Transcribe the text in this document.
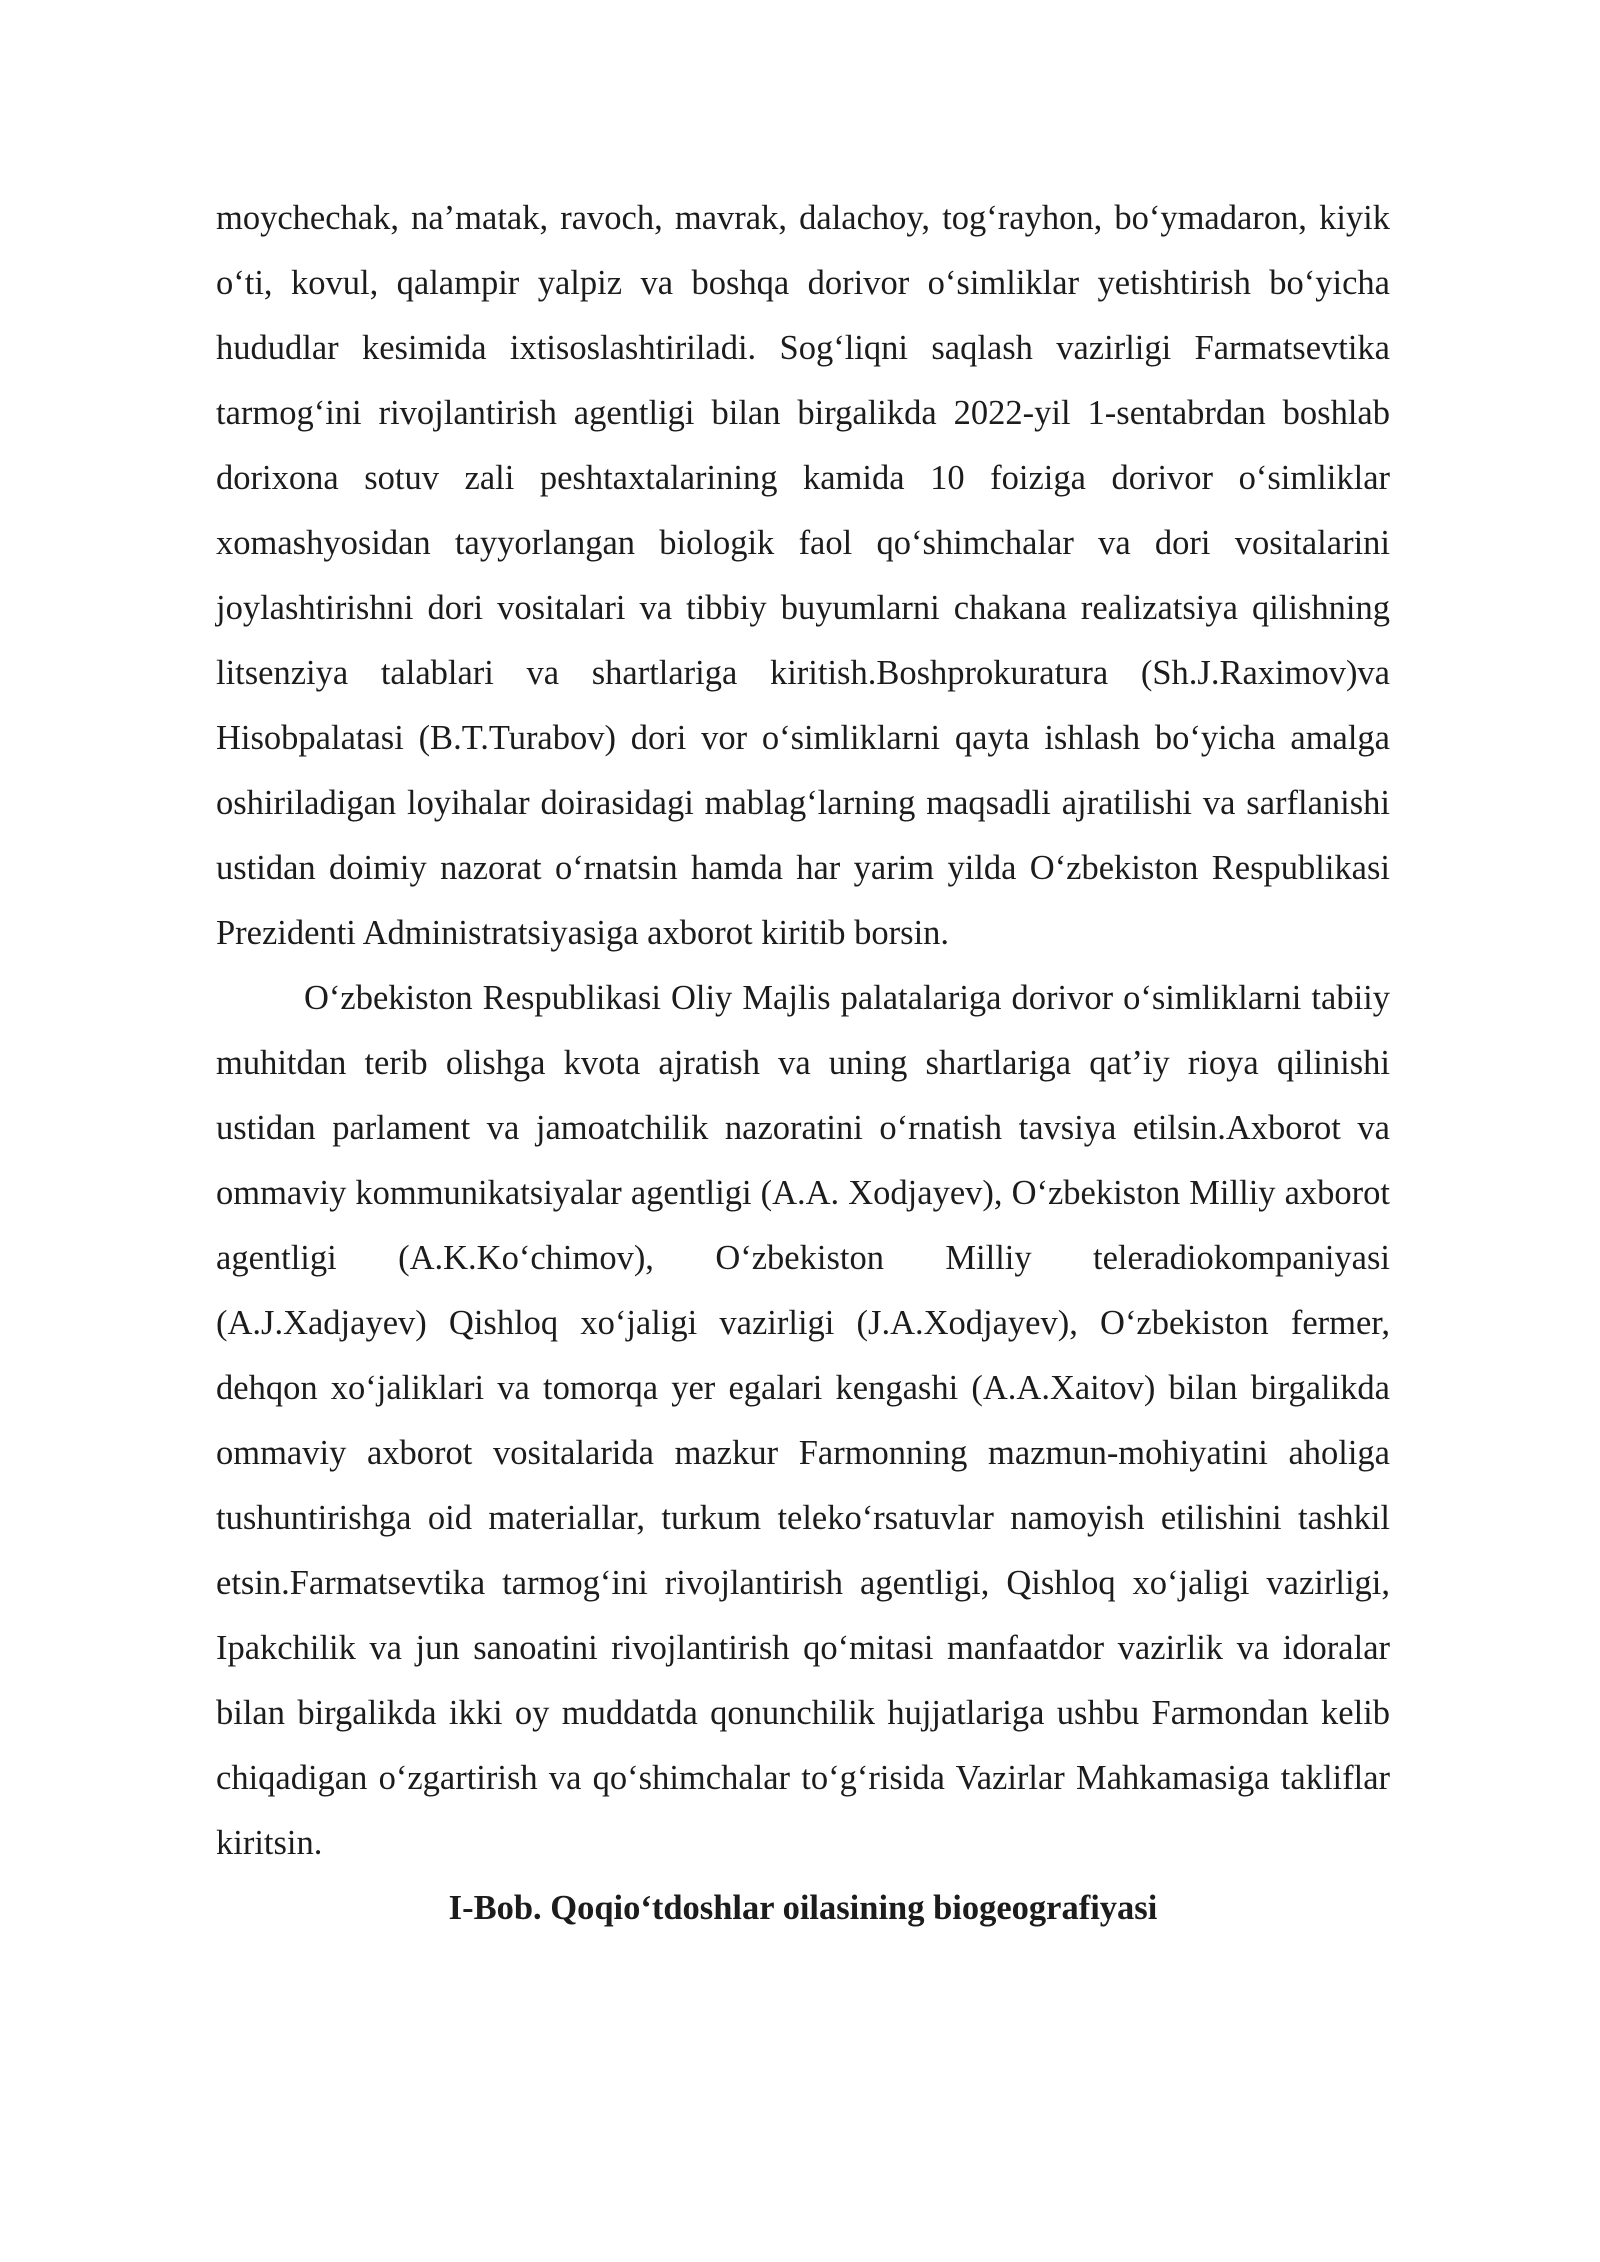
moychechak, na’matak, ravoch, mavrak, dalachoy, tog‘rayhon, bo‘ymadaron, kiyik o‘ti, kovul, qalampir yalpiz va boshqa dorivor o‘simliklar yetishtirish bo‘yicha hududlar kesimida ixtisoslashtiriladi. Sog‘liqni saqlash vazirligi Farmatsevtika tarmog‘ini rivojlantirish agentligi bilan birgalikda 2022-yil 1-sentabrdan boshlab dorixona sotuv zali peshtaxtalarining kamida 10 foiziga dorivor o‘simliklar xomashyosidan tayyorlangan biologik faol qo‘shimchalar va dori vositalarini joylashtirishni dori vositalari va tibbiy buyumlarni chakana realizatsiya qilishning litsenziya talablari va shartlariga kiritish.Boshprokuratura (Sh.J.Raximov)va Hisobpalatasi (B.T.Turabov) dori vor o‘simliklarni qayta ishlash bo‘yicha amalga oshiriladigan loyihalar doirasidagi mablag‘larning maqsadli ajratilishi va sarflanishi ustidan doimiy nazorat o‘rnatsin hamda har yarim yilda O‘zbekiston Respublikasi Prezidenti Administratsiyasiga axborot kiritib borsin.

O‘zbekiston Respublikasi Oliy Majlis palatalariga dorivor o‘simliklarni tabiiy muhitdan terib olishga kvota ajratish va uning shartlariga qat’iy rioya qilinishi ustidan parlament va jamoatchilik nazoratini o‘rnatish tavsiya etilsin.Axborot va ommaviy kommunikatsiyalar agentligi (A.A. Xodjayev), O‘zbekiston Milliy axborot agentligi (A.K.Ko‘chimov), O‘zbekiston Milliy teleradiokompaniyasi (A.J.Xadjayev) Qishloq xo‘jaligi vazirligi (J.A.Xodjayev), O‘zbekiston fermer, dehqon xo‘jaliklari va tomorqa yer egalari kengashi (A.A.Xaitov) bilan birgalikda ommaviy axborot vositalarida mazkur Farmonning mazmun-mohiyatini aholiga tushuntirishga oid materiallar, turkum teleko‘rsatuvlar namoyish etilishini tashkil etsin.Farmatsevtika tarmog‘ini rivojlantirish agentligi, Qishloq xo‘jaligi vazirligi, Ipakchilik va jun sanoatini rivojlantirish qo‘mitasi manfaatdor vazirlik va idoralar bilan birgalikda ikki oy muddatda qonunchilik hujjatlariga ushbu Farmondan kelib chiqadigan o‘zgartirish va qo‘shimchalar to‘g‘risida Vazirlar Mahkamasiga takliflar kiritsin.

I-Bob. Qoqio‘tdoshlar oilasining biogeografiyasi
